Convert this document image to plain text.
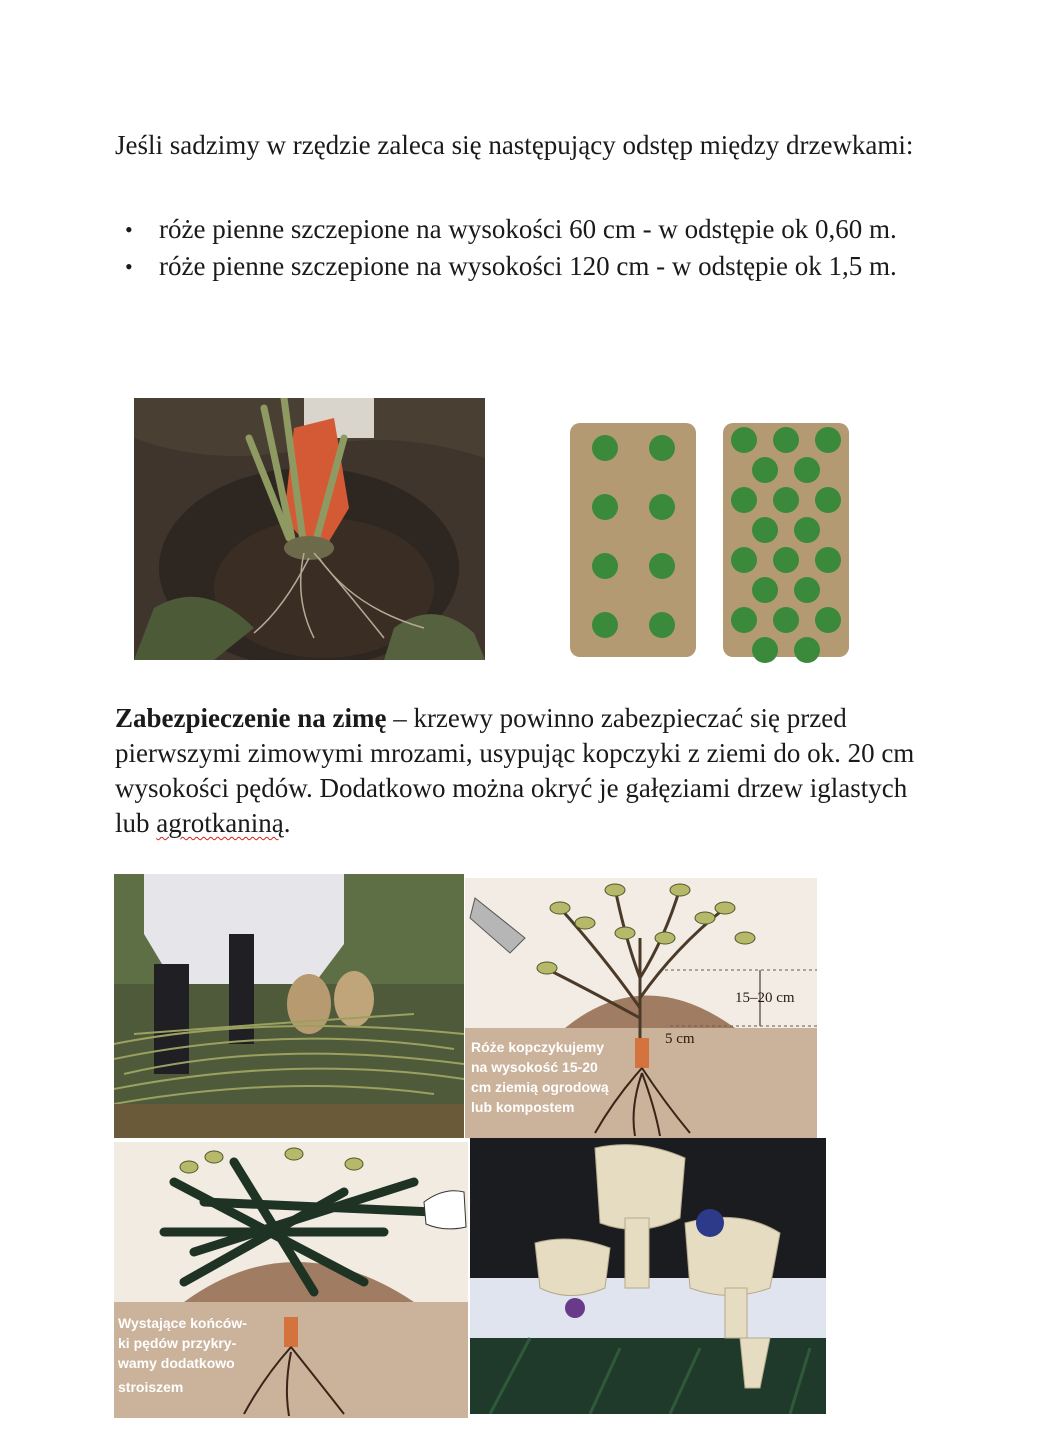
Jeśli sadzimy w rzędzie zaleca się następujący odstęp między drzewkami:

• róże pienne szczepione na wysokości 60 cm - w odstępie ok 0,60 m.
• róże pienne szczepione na wysokości 120 cm - w odstępie ok 1,5 m.

Zabezpieczenie na zimę – krzewy powinno zabezpieczać się przed pierwszymi zimowymi mrozami, usypując kopczyki z ziemi do ok. 20 cm wysokości pędów. Dodatkowo można okryć je gałęziami drzew iglastych lub agrotkaniną.

15–20 cm
5 cm
Róże kopczykujemy
na wysokość 15-20
cm ziemią ogrodową
lub kompostem
Wystające końców-
ki pędów przykry-
wamy dodatkowo
stroiszem
